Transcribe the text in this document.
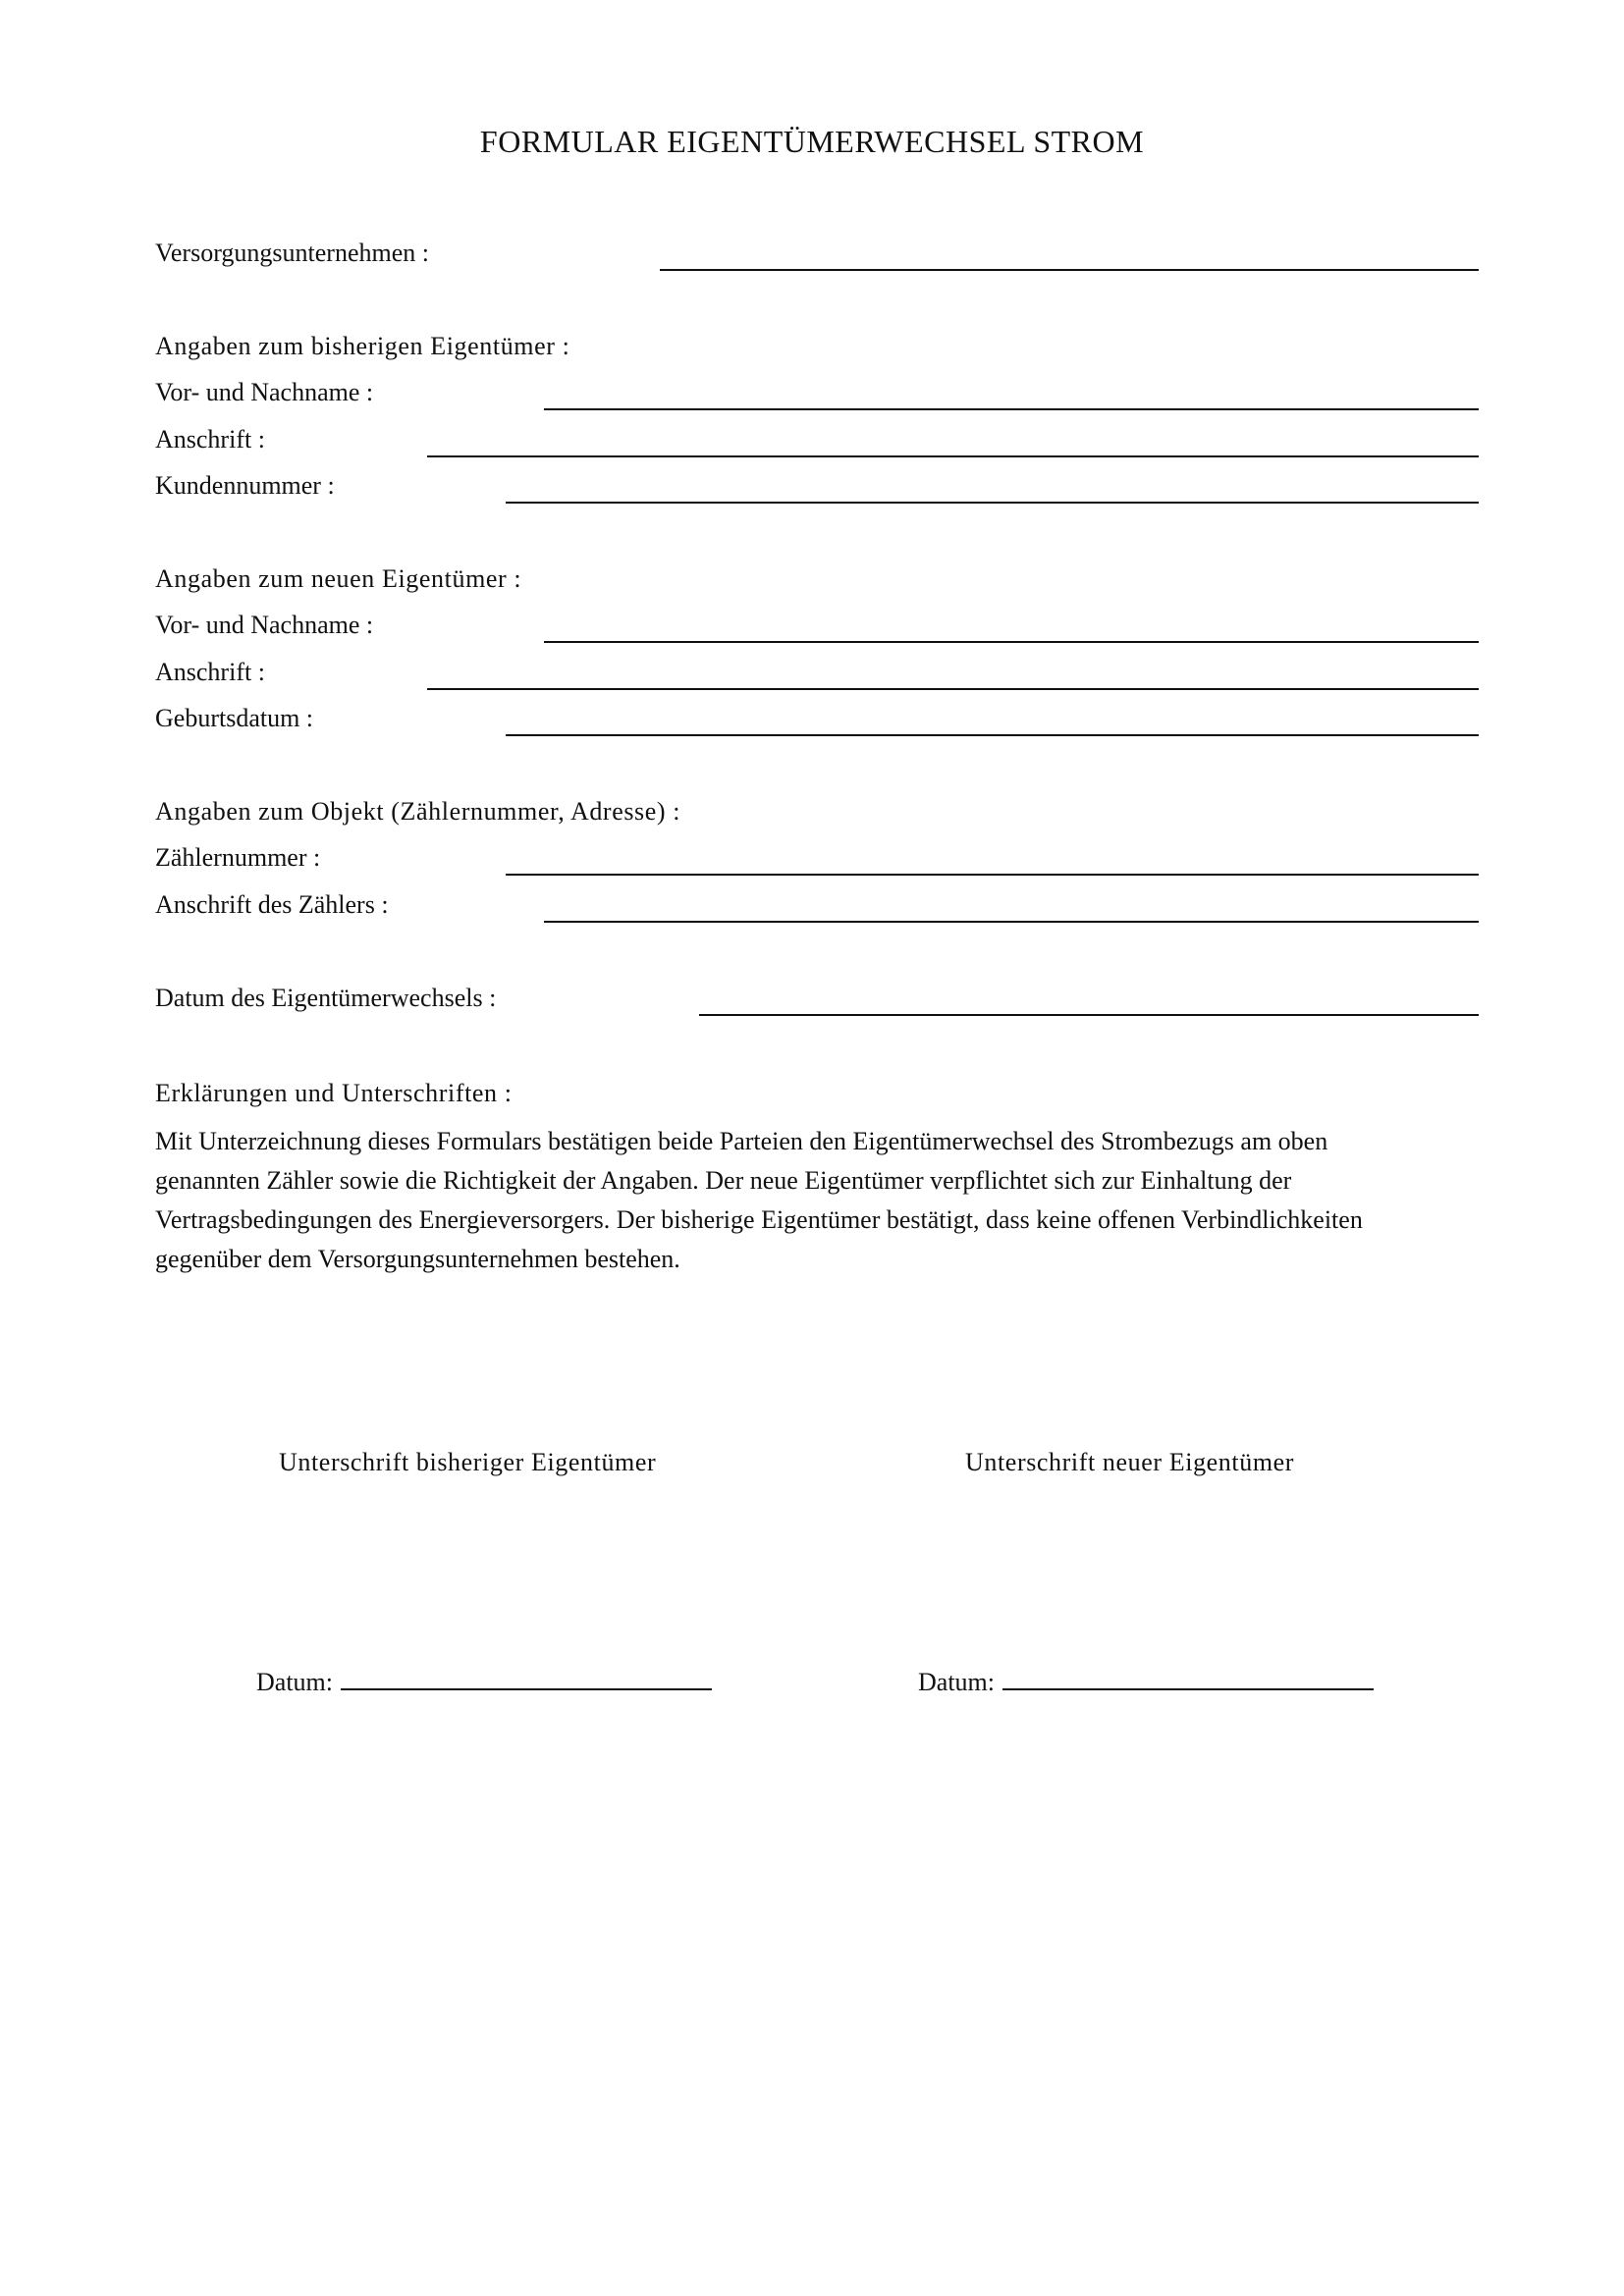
FORMULAR EIGENTÜMERWECHSEL STROM
Versorgungsunternehmen :
Angaben zum bisherigen Eigentümer :
Vor- und Nachname :
Anschrift :
Kundennummer :
Angaben zum neuen Eigentümer :
Vor- und Nachname :
Anschrift :
Geburtsdatum :
Angaben zum Objekt (Zählernummer, Adresse) :
Zählernummer :
Anschrift des Zählers :
Datum des Eigentümerwechsels :
Erklärungen und Unterschriften :
Mit Unterzeichnung dieses Formulars bestätigen beide Parteien den Eigentümerwechsel des Strombezugs am oben
genannten Zähler sowie die Richtigkeit der Angaben. Der neue Eigentümer verpflichtet sich zur Einhaltung der
Vertragsbedingungen des Energieversorgers. Der bisherige Eigentümer bestätigt, dass keine offenen Verbindlichkeiten
gegenüber dem Versorgungsunternehmen bestehen.
Unterschrift bisheriger Eigentümer	Unterschrift neuer Eigentümer
Datum:	Datum:
